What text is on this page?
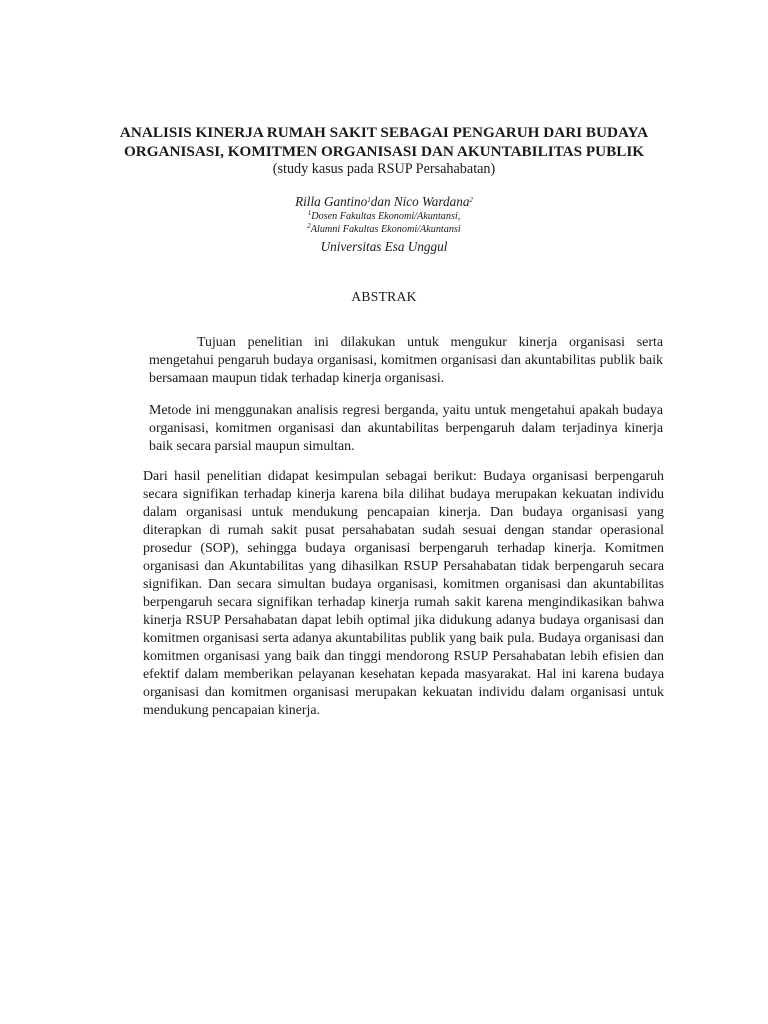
ANALISIS KINERJA RUMAH SAKIT SEBAGAI PENGARUH DARI BUDAYA
ORGANISASI, KOMITMEN ORGANISASI DAN AKUNTABILITAS PUBLIK
(study kasus pada RSUP Persahabatan)
Rilla Gantino$^1$dan Nico Wardana$^2$
$^1$Dosen Fakultas Ekonomi/Akuntansi,
$^2$Alumni Fakultas Ekonomi/Akuntansi
Universitas Esa Unggul
ABSTRAK

Tujuan penelitian ini dilakukan untuk mengukur kinerja organisasi serta mengetahui pengaruh budaya organisasi, komitmen organisasi dan akuntabilitas publik baik bersamaan maupun tidak terhadap kinerja organisasi.

Metode ini menggunakan analisis regresi berganda, yaitu untuk mengetahui apakah budaya organisasi, komitmen organisasi dan akuntabilitas berpengaruh dalam terjadinya kinerja baik secara parsial maupun simultan.

Dari hasil penelitian didapat kesimpulan sebagai berikut: Budaya organisasi berpengaruh secara signifikan terhadap kinerja karena bila dilihat budaya merupakan kekuatan individu dalam organisasi untuk mendukung pencapaian kinerja. Dan budaya organisasi yang diterapkan di rumah sakit pusat persahabatan sudah sesuai dengan standar operasional prosedur (SOP), sehingga budaya organisasi berpengaruh terhadap kinerja. Komitmen organisasi dan Akuntabilitas yang dihasilkan RSUP Persahabatan tidak berpengaruh secara signifikan. Dan secara simultan budaya organisasi, komitmen organisasi dan akuntabilitas berpengaruh secara signifikan terhadap kinerja rumah sakit karena mengindikasikan bahwa kinerja RSUP Persahabatan dapat lebih optimal jika didukung adanya budaya organisasi dan komitmen organisasi serta adanya akuntabilitas publik yang baik pula. Budaya organisasi dan komitmen organisasi yang baik dan tinggi mendorong RSUP Persahabatan lebih efisien dan efektif dalam memberikan pelayanan kesehatan kepada masyarakat. Hal ini karena budaya organisasi dan komitmen organisasi merupakan kekuatan individu dalam organisasi untuk mendukung pencapaian kinerja.
